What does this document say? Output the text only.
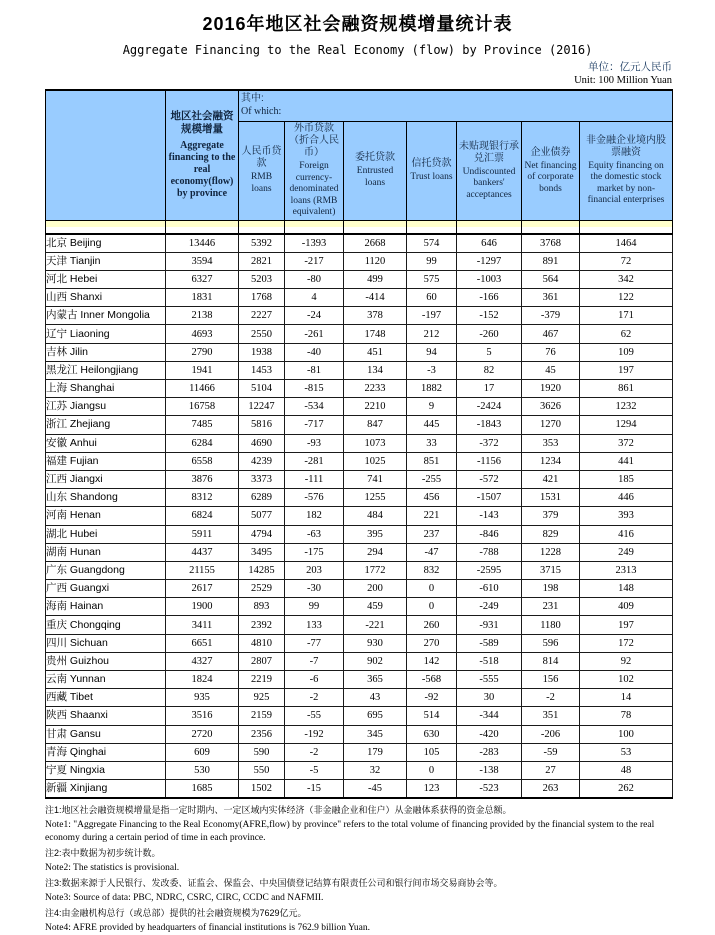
2016年地区社会融资规模增量统计表
Aggregate Financing to the Real Economy (flow) by Province (2016)
单位：亿元人民币
Unit: 100 Million Yuan

地区社会融资规模增量
Aggregate financing to the real economy(flow) by province

其中:
Of which:

人民币贷款
RMB loans

外币贷款（折合人民币）
Foreign currency-denominated loans (RMB equivalent)

委托贷款
Entrusted loans

信托贷款
Trust loans

未贴现银行承兑汇票
Undiscounted bankers' acceptances

企业债券
Net financing of corporate bonds

非金融企业境内股票融资
Equity financing on the domestic stock market by non-financial enterprises

北京 Beijing	13446	5392	-1393	2668	574	646	3768	1464
天津 Tianjin	3594	2821	-217	1120	99	-1297	891	72
河北 Hebei	6327	5203	-80	499	575	-1003	564	342
山西 Shanxi	1831	1768	4	-414	60	-166	361	122
内蒙古 Inner Mongolia	2138	2227	-24	378	-197	-152	-379	171
辽宁 Liaoning	4693	2550	-261	1748	212	-260	467	62
吉林 Jilin	2790	1938	-40	451	94	5	76	109
黑龙江 Heilongjiang	1941	1453	-81	134	-3	82	45	197
上海 Shanghai	11466	5104	-815	2233	1882	17	1920	861
江苏 Jiangsu	16758	12247	-534	2210	9	-2424	3626	1232
浙江 Zhejiang	7485	5816	-717	847	445	-1843	1270	1294
安徽 Anhui	6284	4690	-93	1073	33	-372	353	372
福建 Fujian	6558	4239	-281	1025	851	-1156	1234	441
江西 Jiangxi	3876	3373	-111	741	-255	-572	421	185
山东 Shandong	8312	6289	-576	1255	456	-1507	1531	446
河南 Henan	6824	5077	182	484	221	-143	379	393
湖北 Hubei	5911	4794	-63	395	237	-846	829	416
湖南 Hunan	4437	3495	-175	294	-47	-788	1228	249
广东 Guangdong	21155	14285	203	1772	832	-2595	3715	2313
广西 Guangxi	2617	2529	-30	200	0	-610	198	148
海南 Hainan	1900	893	99	459	0	-249	231	409
重庆 Chongqing	3411	2392	133	-221	260	-931	1180	197
四川 Sichuan	6651	4810	-77	930	270	-589	596	172
贵州 Guizhou	4327	2807	-7	902	142	-518	814	92
云南 Yunnan	1824	2219	-6	365	-568	-555	156	102
西藏 Tibet	935	925	-2	43	-92	30	-2	14
陕西 Shaanxi	3516	2159	-55	695	514	-344	351	78
甘肃 Gansu	2720	2356	-192	345	630	-420	-206	100
青海 Qinghai	609	590	-2	179	105	-283	-59	53
宁夏 Ningxia	530	550	-5	32	0	-138	27	48
新疆 Xinjiang	1685	1502	-15	-45	123	-523	263	262
注1:地区社会融资规模增量是指一定时期内、一定区域内实体经济（非金融企业和住户）从金融体系获得的资金总额。
Note1: "Aggregate Financing to the Real Economy(AFRE,flow) by province" refers to the total volume of financing provided by the financial system to the real economy during a certain period of time in each province.
注2:表中数据为初步统计数。
Note2: The statistics is provisional.
注3:数据来源于人民银行、发改委、证监会、保监会、中央国债登记结算有限责任公司和银行间市场交易商协会等。
Note3: Source of data: PBC, NDRC, CSRC, CIRC, CCDC and NAFMII.
注4:由金融机构总行（或总部）提供的社会融资规模为7629亿元。
Note4: AFRE provided by headquarters of financial institutions is 762.9 billion Yuan.
